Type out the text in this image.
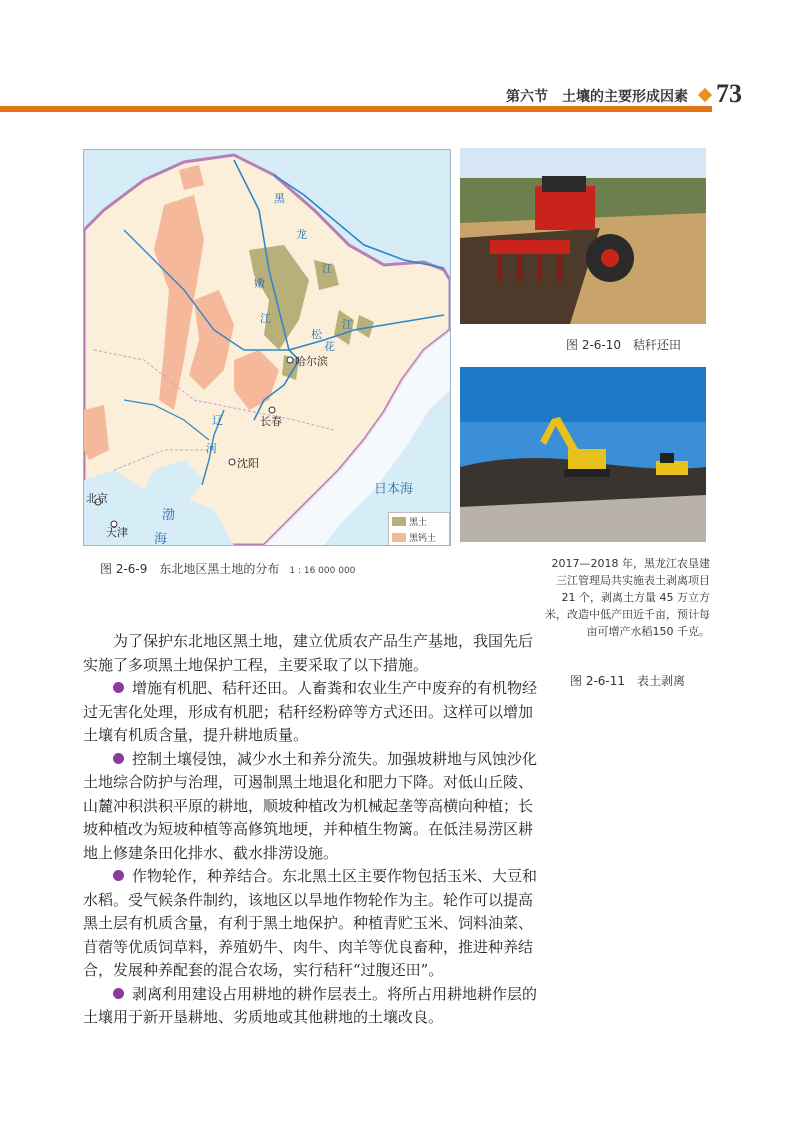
第六节　土壤的主要形成因素 73
哈尔滨
长春
沈阳
北京
天津
黑
龙
江
嫩
江
松
花
江
辽
河
日本海
渤
海
黑土
黑钙土
图 2-6-9　东北地区黑土地的分布 1 : 16 000 000
图 2-6-10　秸秆还田
2017—2018 年，黑龙江农垦建三江管理局共实施表土剥离项目 21 个，剥离土方量 45 万立方米，改造中低产田近千亩，预计每亩可增产水稻150 千克。
图 2-6-11　表土剥离

为了保护东北地区黑土地，建立优质农产品生产基地，我国先后实施了多项黑土地保护工程，主要采取了以下措施。

增施有机肥、秸秆还田。人畜粪和农业生产中废弃的有机物经过无害化处理，形成有机肥；秸秆经粉碎等方式还田。这样可以增加土壤有机质含量，提升耕地质量。

控制土壤侵蚀，减少水土和养分流失。加强坡耕地与风蚀沙化土地综合防护与治理，可遏制黑土地退化和肥力下降。对低山丘陵、山麓冲积洪积平原的耕地，顺坡种植改为机械起垄等高横向种植；长坡种植改为短坡种植等高修筑地埂，并种植生物篱。在低洼易涝区耕地上修建条田化排水、截水排涝设施。

作物轮作，种养结合。东北黑土区主要作物包括玉米、大豆和水稻。受气候条件制约，该地区以旱地作物轮作为主。轮作可以提高黑土层有机质含量，有利于黑土地保护。种植青贮玉米、饲料油菜、苜蓿等优质饲草料，养殖奶牛、肉牛、肉羊等优良畜种，推进种养结合，发展种养配套的混合农场，实行秸秆“过腹还田”。

剥离利用建设占用耕地的耕作层表土。将所占用耕地耕作层的土壤用于新开垦耕地、劣质地或其他耕地的土壤改良。
